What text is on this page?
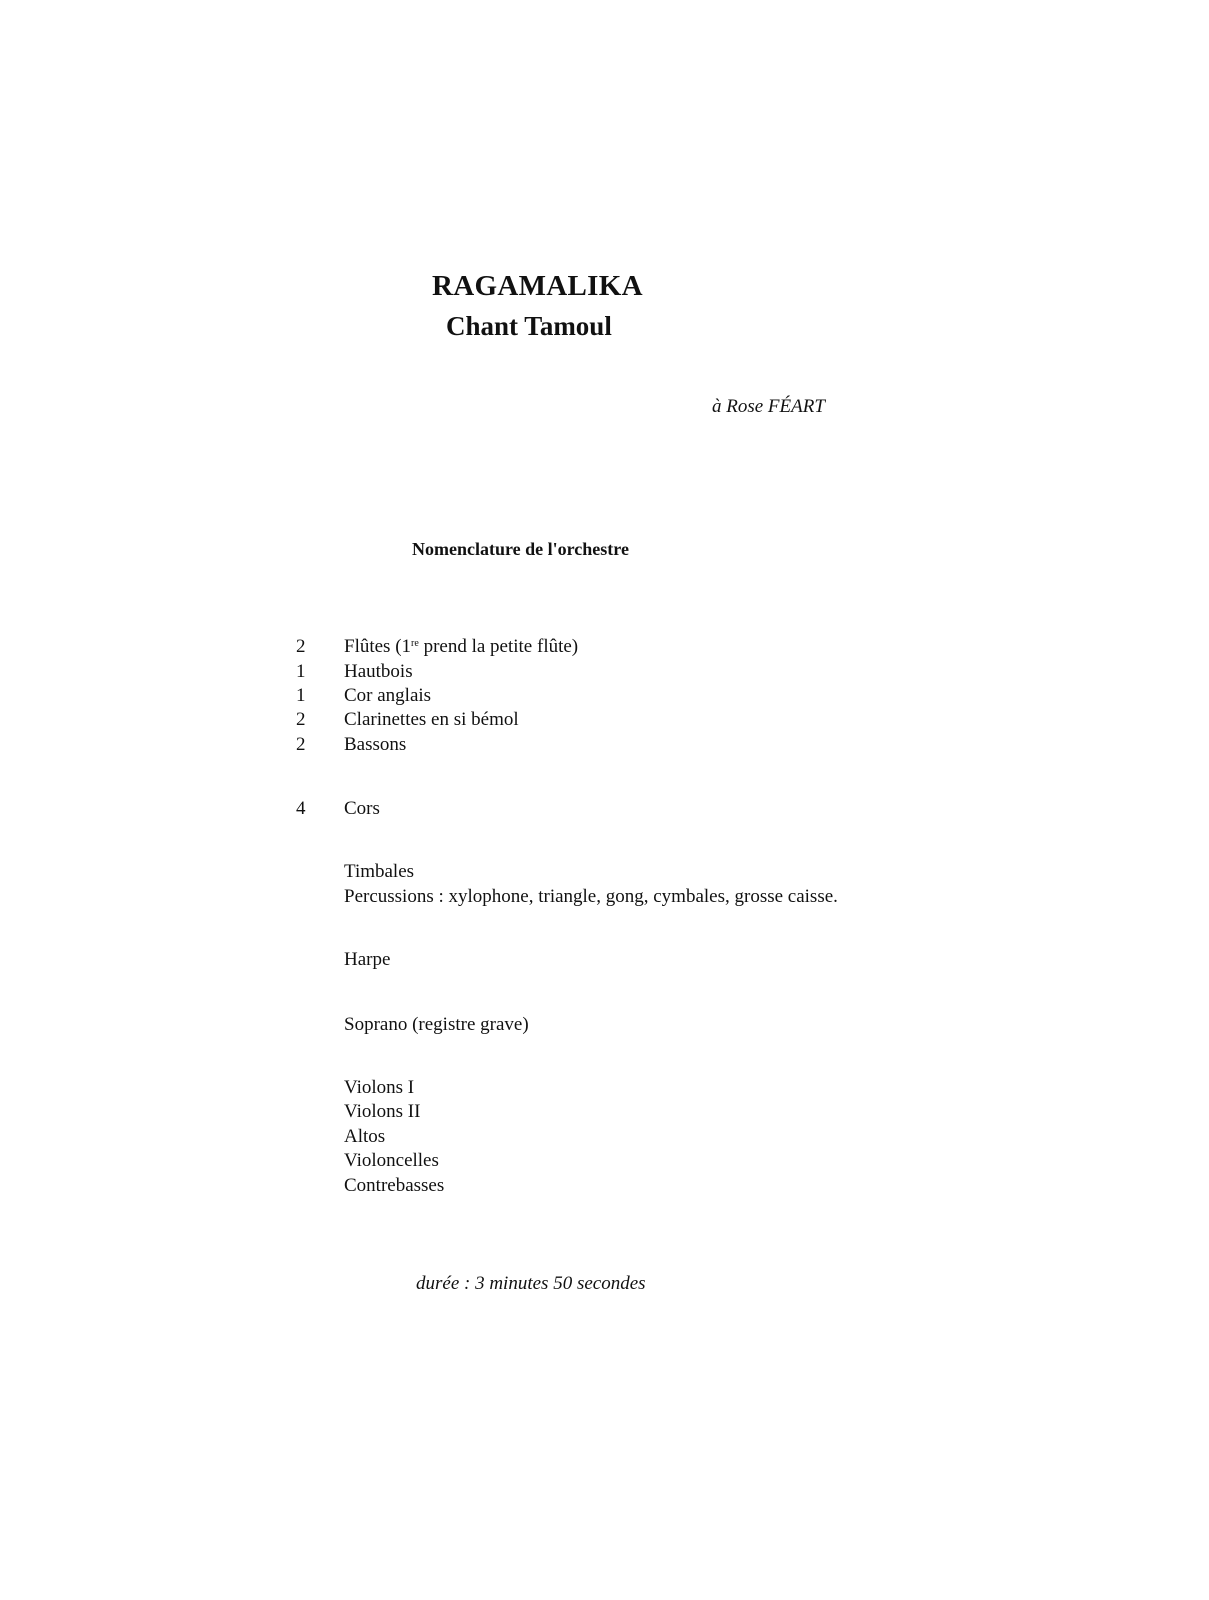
RAGAMALIKA
Chant Tamoul
à Rose FÉART
Nomenclature de l'orchestre
2	Flûtes (1re prend la petite flûte)
1	Hautbois
1	Cor anglais
2	Clarinettes en si bémol
2	Bassons
4	Cors
Timbales
Percussions : xylophone, triangle, gong, cymbales, grosse caisse.
Harpe
Soprano (registre grave)
Violons I
Violons II
Altos
Violoncelles
Contrebasses
durée : 3 minutes 50 secondes
